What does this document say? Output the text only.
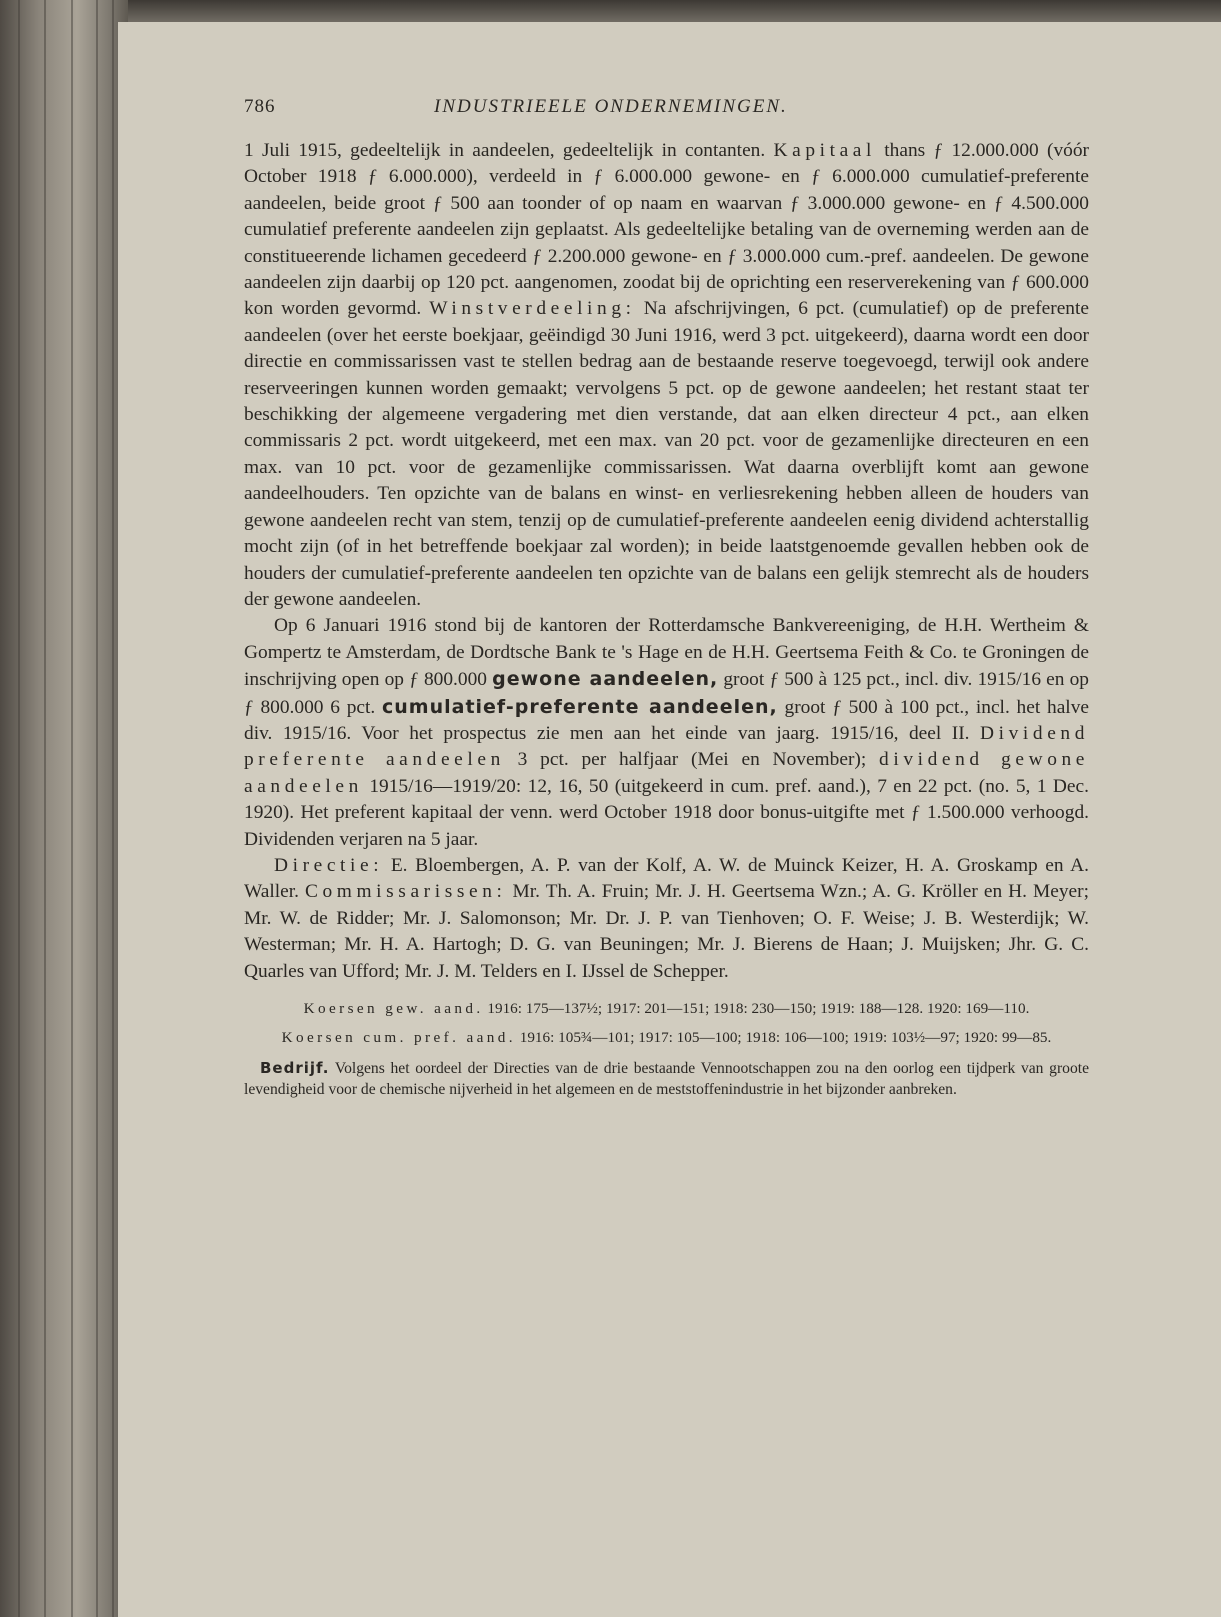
786	INDUSTRIEELE ONDERNEMINGEN.

1 Juli 1915, gedeeltelijk in aandeelen, gedeeltelijk in contanten. Kapitaal thans ƒ 12.000.000 (vóór October 1918 ƒ 6.000.000), verdeeld in ƒ 6.000.000 gewone- en ƒ 6.000.000 cumulatief-preferente aandeelen, beide groot ƒ 500 aan toonder of op naam en waarvan ƒ 3.000.000 gewone- en ƒ 4.500.000 cumulatief preferente aandeelen zijn geplaatst. Als gedeeltelijke betaling van de overneming werden aan de constitueerende lichamen gecedeerd ƒ 2.200.000 gewone- en ƒ 3.000.000 cum.-pref. aandeelen. De gewone aandeelen zijn daarbij op 120 pct. aangenomen, zoodat bij de oprichting een reserverekening van ƒ 600.000 kon worden gevormd. Winstverdeeling: Na afschrijvingen, 6 pct. (cumulatief) op de preferente aandeelen (over het eerste boekjaar, geëindigd 30 Juni 1916, werd 3 pct. uitgekeerd), daarna wordt een door directie en commissarissen vast te stellen bedrag aan de bestaande reserve toegevoegd, terwijl ook andere reserveeringen kunnen worden gemaakt; vervolgens 5 pct. op de gewone aandeelen; het restant staat ter beschikking der algemeene vergadering met dien verstande, dat aan elken directeur 4 pct., aan elken commissaris 2 pct. wordt uitgekeerd, met een max. van 20 pct. voor de gezamenlijke directeuren en een max. van 10 pct. voor de gezamenlijke commissarissen. Wat daarna overblijft komt aan gewone aandeelhouders. Ten opzichte van de balans en winst- en verliesrekening hebben alleen de houders van gewone aandeelen recht van stem, tenzij op de cumulatief-preferente aandeelen eenig dividend achterstallig mocht zijn (of in het betreffende boekjaar zal worden); in beide laatstgenoemde gevallen hebben ook de houders der cumulatief-preferente aandeelen ten opzichte van de balans een gelijk stemrecht als de houders der gewone aandeelen.

Op 6 Januari 1916 stond bij de kantoren der Rotterdamsche Bankvereeniging, de H.H. Wertheim & Gompertz te Amsterdam, de Dordtsche Bank te 's Hage en de H.H. Geertsema Feith & Co. te Groningen de inschrijving open op ƒ 800.000 gewone aandeelen, groot ƒ 500 à 125 pct., incl. div. 1915/16 en op ƒ 800.000 6 pct. cumulatief-preferente aandeelen, groot ƒ 500 à 100 pct., incl. het halve div. 1915/16. Voor het prospectus zie men aan het einde van jaarg. 1915/16, deel II. Dividend preferente aandeelen 3 pct. per halfjaar (Mei en November); dividend gewone aandeelen 1915/16—1919/20: 12, 16, 50 (uitgekeerd in cum. pref. aand.), 7 en 22 pct. (no. 5, 1 Dec. 1920). Het preferent kapitaal der venn. werd October 1918 door bonus-uitgifte met ƒ 1.500.000 verhoogd. Dividenden verjaren na 5 jaar.

Directie: E. Bloembergen, A. P. van der Kolf, A. W. de Muinck Keizer, H. A. Groskamp en A. Waller. Commissarissen: Mr. Th. A. Fruin; Mr. J. H. Geertsema Wzn.; A. G. Kröller en H. Meyer; Mr. W. de Ridder; Mr. J. Salomonson; Mr. Dr. J. P. van Tienhoven; O. F. Weise; J. B. Westerdijk; W. Westerman; Mr. H. A. Hartogh; D. G. van Beuningen; Mr. J. Bierens de Haan; J. Muijsken; Jhr. G. C. Quarles van Ufford; Mr. J. M. Telders en I. IJssel de Schepper.

Koersen gew. aand. 1916: 175—137½; 1917: 201—151; 1918: 230—150; 1919: 188—128. 1920: 169—110.

Koersen cum. pref. aand. 1916: 105¾—101; 1917: 105—100; 1918: 106—100; 1919: 103½—97; 1920: 99—85.

Bedrijf. Volgens het oordeel der Directies van de drie bestaande Vennootschappen zou na den oorlog een tijdperk van groote levendigheid voor de chemische nijverheid in het algemeen en de meststoffenindustrie in het bijzonder aanbreken.
